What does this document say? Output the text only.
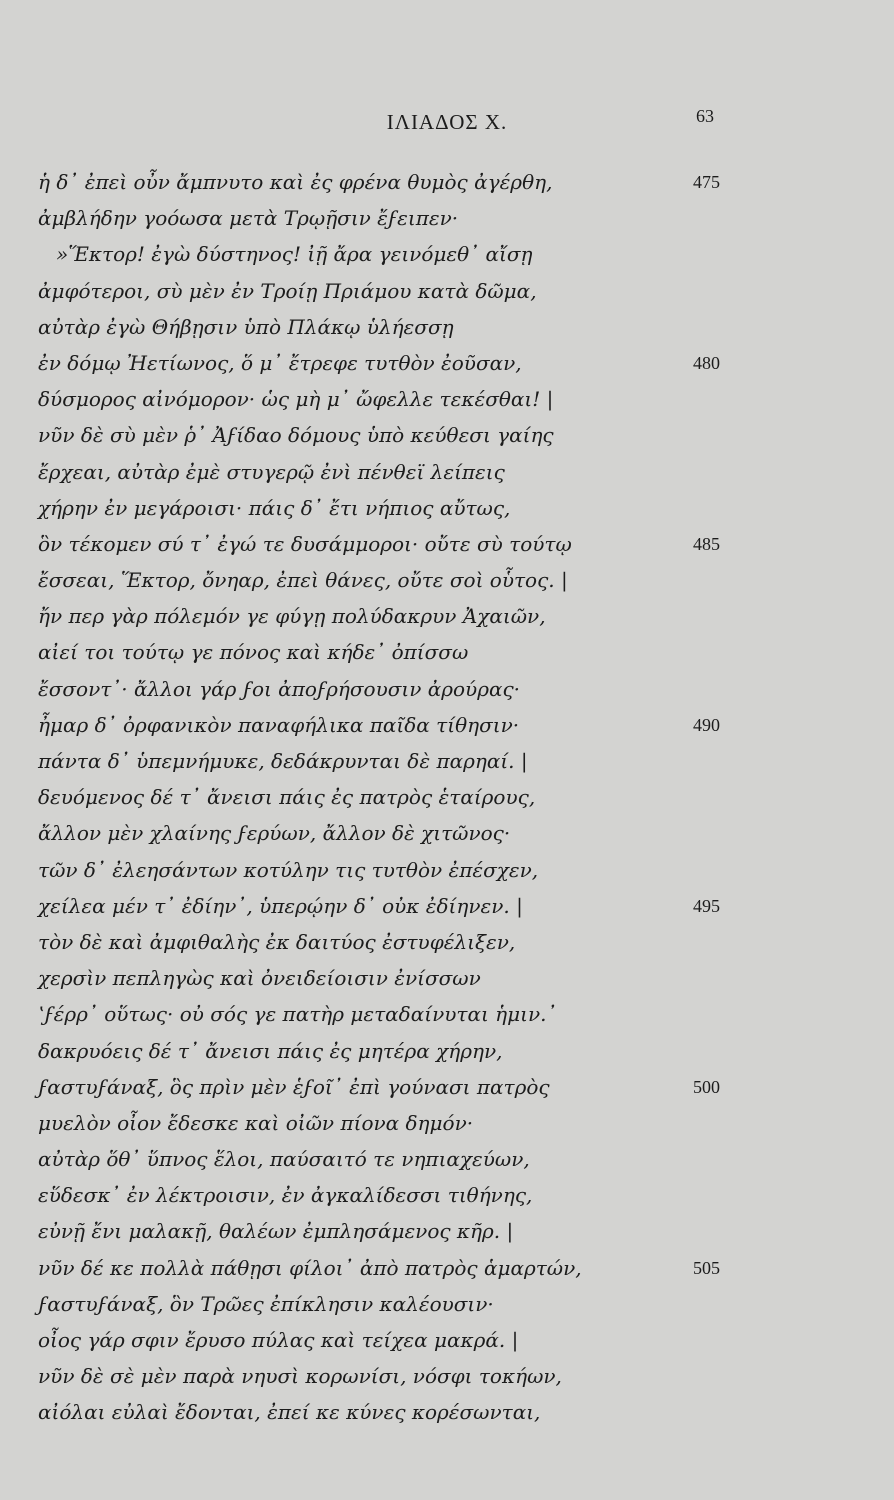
ΙΛΙΑΔΟΣ Χ.	63
ἡ δ᾽ ἐπεὶ οὖν ἄμπνυτο καὶ ἐς φρένα θυμὸς ἀγέρθη,	475
ἀμβλήδην γοόωσα μετὰ Τρῳῇσιν ἔϝειπεν·
»Ἕκτορ! ἐγὼ δύστηνος! ἰῇ ἄρα γεινόμεθ᾽ αἴσῃ
ἀμφότεροι, σὺ μὲν ἐν Τροίῃ Πριάμου κατὰ δῶμα,
αὐτὰρ ἐγὼ Θήβῃσιν ὑπὸ Πλάκῳ ὑλήεσσῃ
ἐν δόμῳ Ἠετίωνος, ὅ μ᾽ ἔτρεφε τυτθὸν ἐοῦσαν,	480
δύσμορος αἰνόμορον· ὡς μὴ μ᾽ ὤφελλε τεκέσθαι! |
νῦν δὲ σὺ μὲν ῥ᾽ Ἀϝίδαο δόμους ὑπὸ κεύθεσι γαίης
ἔρχεαι, αὐτὰρ ἐμὲ στυγερῷ ἐνὶ πένθεϊ λείπεις
χήρην ἐν μεγάροισι· πάις δ᾽ ἔτι νήπιος αὔτως,
ὃν τέκομεν σύ τ᾽ ἐγώ τε δυσάμμοροι· οὔτε σὺ τούτῳ	485
ἔσσεαι, Ἕκτορ, ὄνηαρ, ἐπεὶ θάνες, οὔτε σοὶ οὗτος. |
ἤν περ γὰρ πόλεμόν γε φύγῃ πολύδακρυν Ἀχαιῶν,
αἰεί τοι τούτῳ γε πόνος καὶ κήδε᾽ ὀπίσσω
ἔσσοντ᾽· ἄλλοι γάρ ϝοι ἀποϝρήσουσιν ἀρούρας·
ἦμαρ δ᾽ ὀρφανικὸν παναφήλικα παῖδα τίθησιν·	490
πάντα δ᾽ ὑπεμνήμυκε, δεδάκρυνται δὲ παρηαί. |
δευόμενος δέ τ᾽ ἄνεισι πάις ἐς πατρὸς ἑταίρους,
ἄλλον μὲν χλαίνης ϝερύων, ἄλλον δὲ χιτῶνος·
τῶν δ᾽ ἐλεησάντων κοτύλην τις τυτθὸν ἐπέσχεν,
χείλεα μέν τ᾽ ἐδίην᾽, ὑπερῴην δ᾽ οὐκ ἐδίηνεν. |	495
τὸν δὲ καὶ ἀμφιθαλὴς ἐκ δαιτύος ἐστυφέλιξεν,
χερσὶν πεπληγὼς καὶ ὀνειδείοισιν ἐνίσσων
ʽϝέρρ᾽ οὕτως· οὐ σός γε πατὴρ μεταδαίνυται ἡμιν.᾽
δακρυόεις δέ τ᾽ ἄνεισι πάις ἐς μητέρα χήρην,
ϝαστυϝάναξ, ὃς πρὶν μὲν ἑϝοῖ᾽ ἐπὶ γούνασι πατρὸς	500
μυελὸν οἶον ἔδεσκε καὶ οἰῶν πίονα δημόν·
αὐτὰρ ὅθ᾽ ὕπνος ἕλοι, παύσαιτό τε νηπιαχεύων,
εὕδεσκ᾽ ἐν λέκτροισιν, ἐν ἀγκαλίδεσσι τιθήνης,
εὐνῇ ἔνι μαλακῇ, θαλέων ἐμπλησάμενος κῆρ. |
νῦν δέ κε πολλὰ πάθῃσι φίλοι᾽ ἀπὸ πατρὸς ἁμαρτών,	505
ϝαστυϝάναξ, ὃν Τρῶες ἐπίκλησιν καλέουσιν·
οἶος γάρ σφιν ἔρυσο πύλας καὶ τείχεα μακρά. |
νῦν δὲ σὲ μὲν παρὰ νηυσὶ κορωνίσι, νόσφι τοκήων,
αἰόλαι εὐλαὶ ἔδονται, ἐπεί κε κύνες κορέσωνται,
